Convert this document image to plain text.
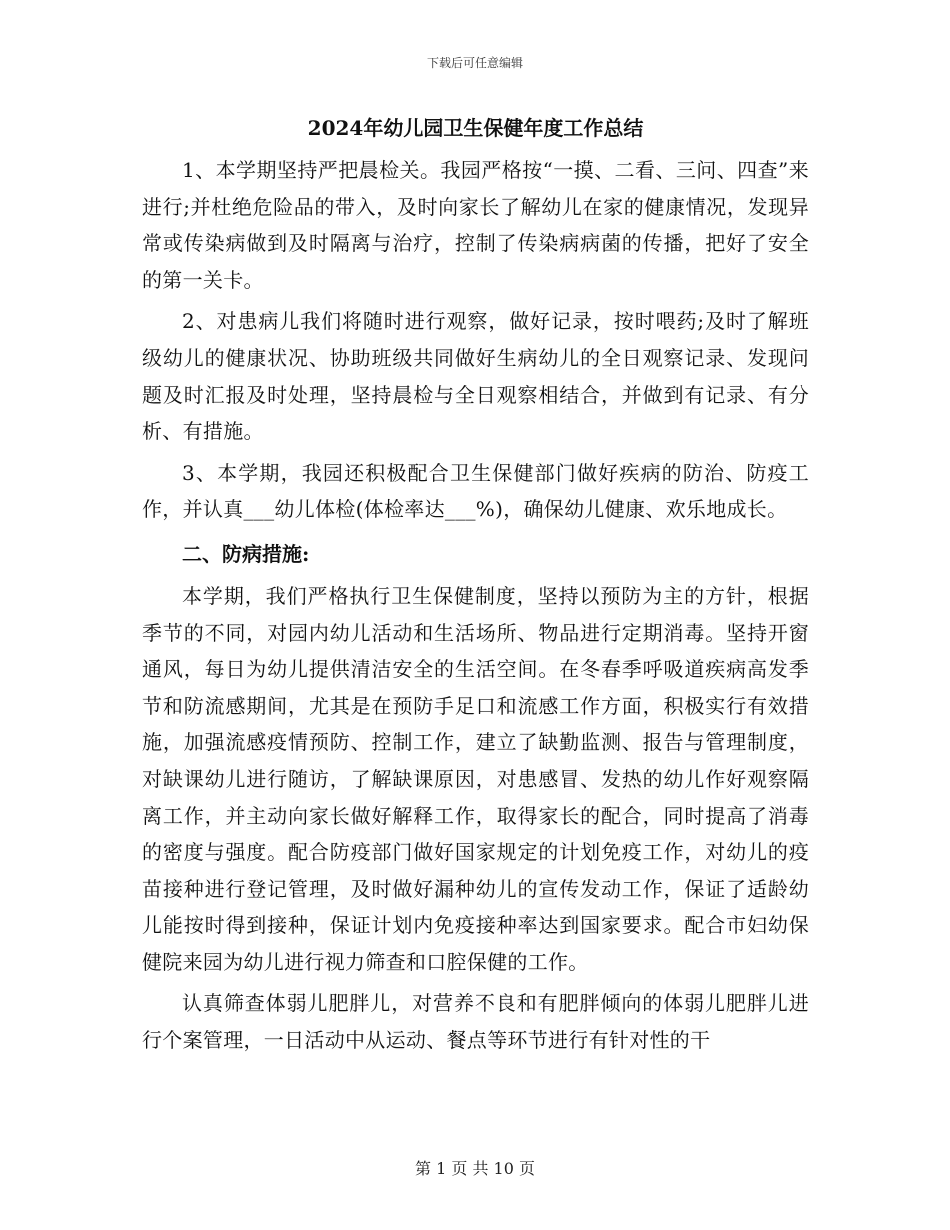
下载后可任意编辑
2024年幼儿园卫生保健年度工作总结

1、本学期坚持严把晨检关。我园严格按“一摸、二看、三问、四查”来进行;并杜绝危险品的带入，及时向家长了解幼儿在家的健康情况，发现异常或传染病做到及时隔离与治疗，控制了传染病病菌的传播，把好了安全的第一关卡。

2、对患病儿我们将随时进行观察，做好记录，按时喂药;及时了解班级幼儿的健康状况、协助班级共同做好生病幼儿的全日观察记录、发现问题及时汇报及时处理，坚持晨检与全日观察相结合，并做到有记录、有分析、有措施。

3、本学期，我园还积极配合卫生保健部门做好疾病的防治、防疫工作，并认真___幼儿体检(体检率达___%)，确保幼儿健康、欢乐地成长。

二、防病措施:

本学期，我们严格执行卫生保健制度，坚持以预防为主的方针，根据季节的不同，对园内幼儿活动和生活场所、物品进行定期消毒。坚持开窗通风，每日为幼儿提供清洁安全的生活空间。在冬春季呼吸道疾病高发季节和防流感期间，尤其是在预防手足口和流感工作方面，积极实行有效措施，加强流感疫情预防、控制工作，建立了缺勤监测、报告与管理制度，对缺课幼儿进行随访，了解缺课原因，对患感冒、发热的幼儿作好观察隔离工作，并主动向家长做好解释工作，取得家长的配合，同时提高了消毒的密度与强度。配合防疫部门做好国家规定的计划免疫工作，对幼儿的疫苗接种进行登记管理，及时做好漏种幼儿的宣传发动工作，保证了适龄幼儿能按时得到接种，保证计划内免疫接种率达到国家要求。配合市妇幼保健院来园为幼儿进行视力筛查和口腔保健的工作。

认真筛查体弱儿肥胖儿，对营养不良和有肥胖倾向的体弱儿肥胖儿进行个案管理，一日活动中从运动、餐点等环节进行有针对性的干

第 1 页 共 10 页
